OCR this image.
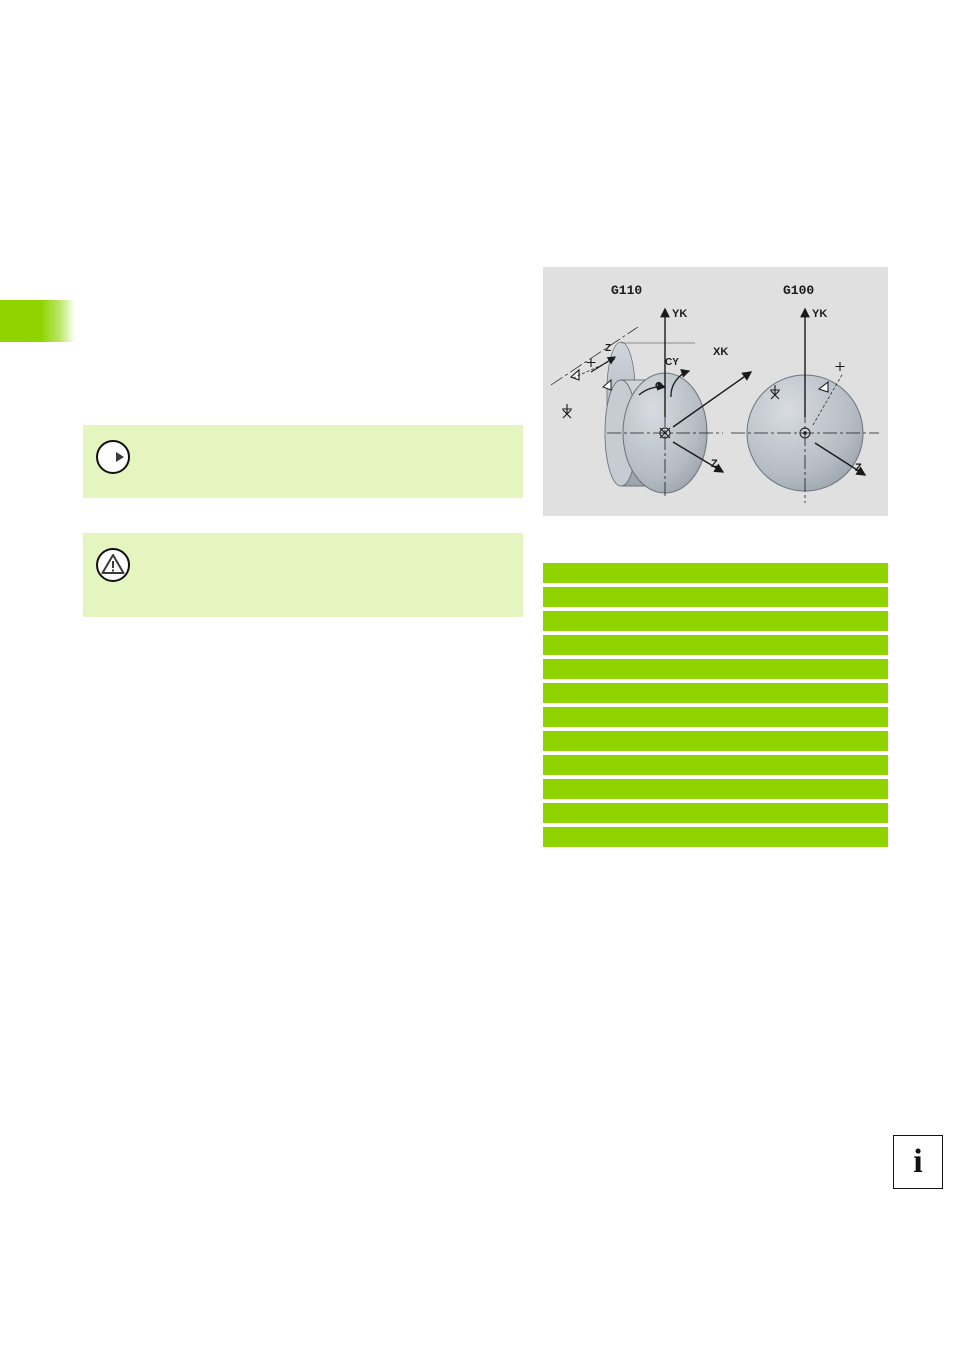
G110	G100
YK
XK
Z
CY
C
Z
YK
Z
i
